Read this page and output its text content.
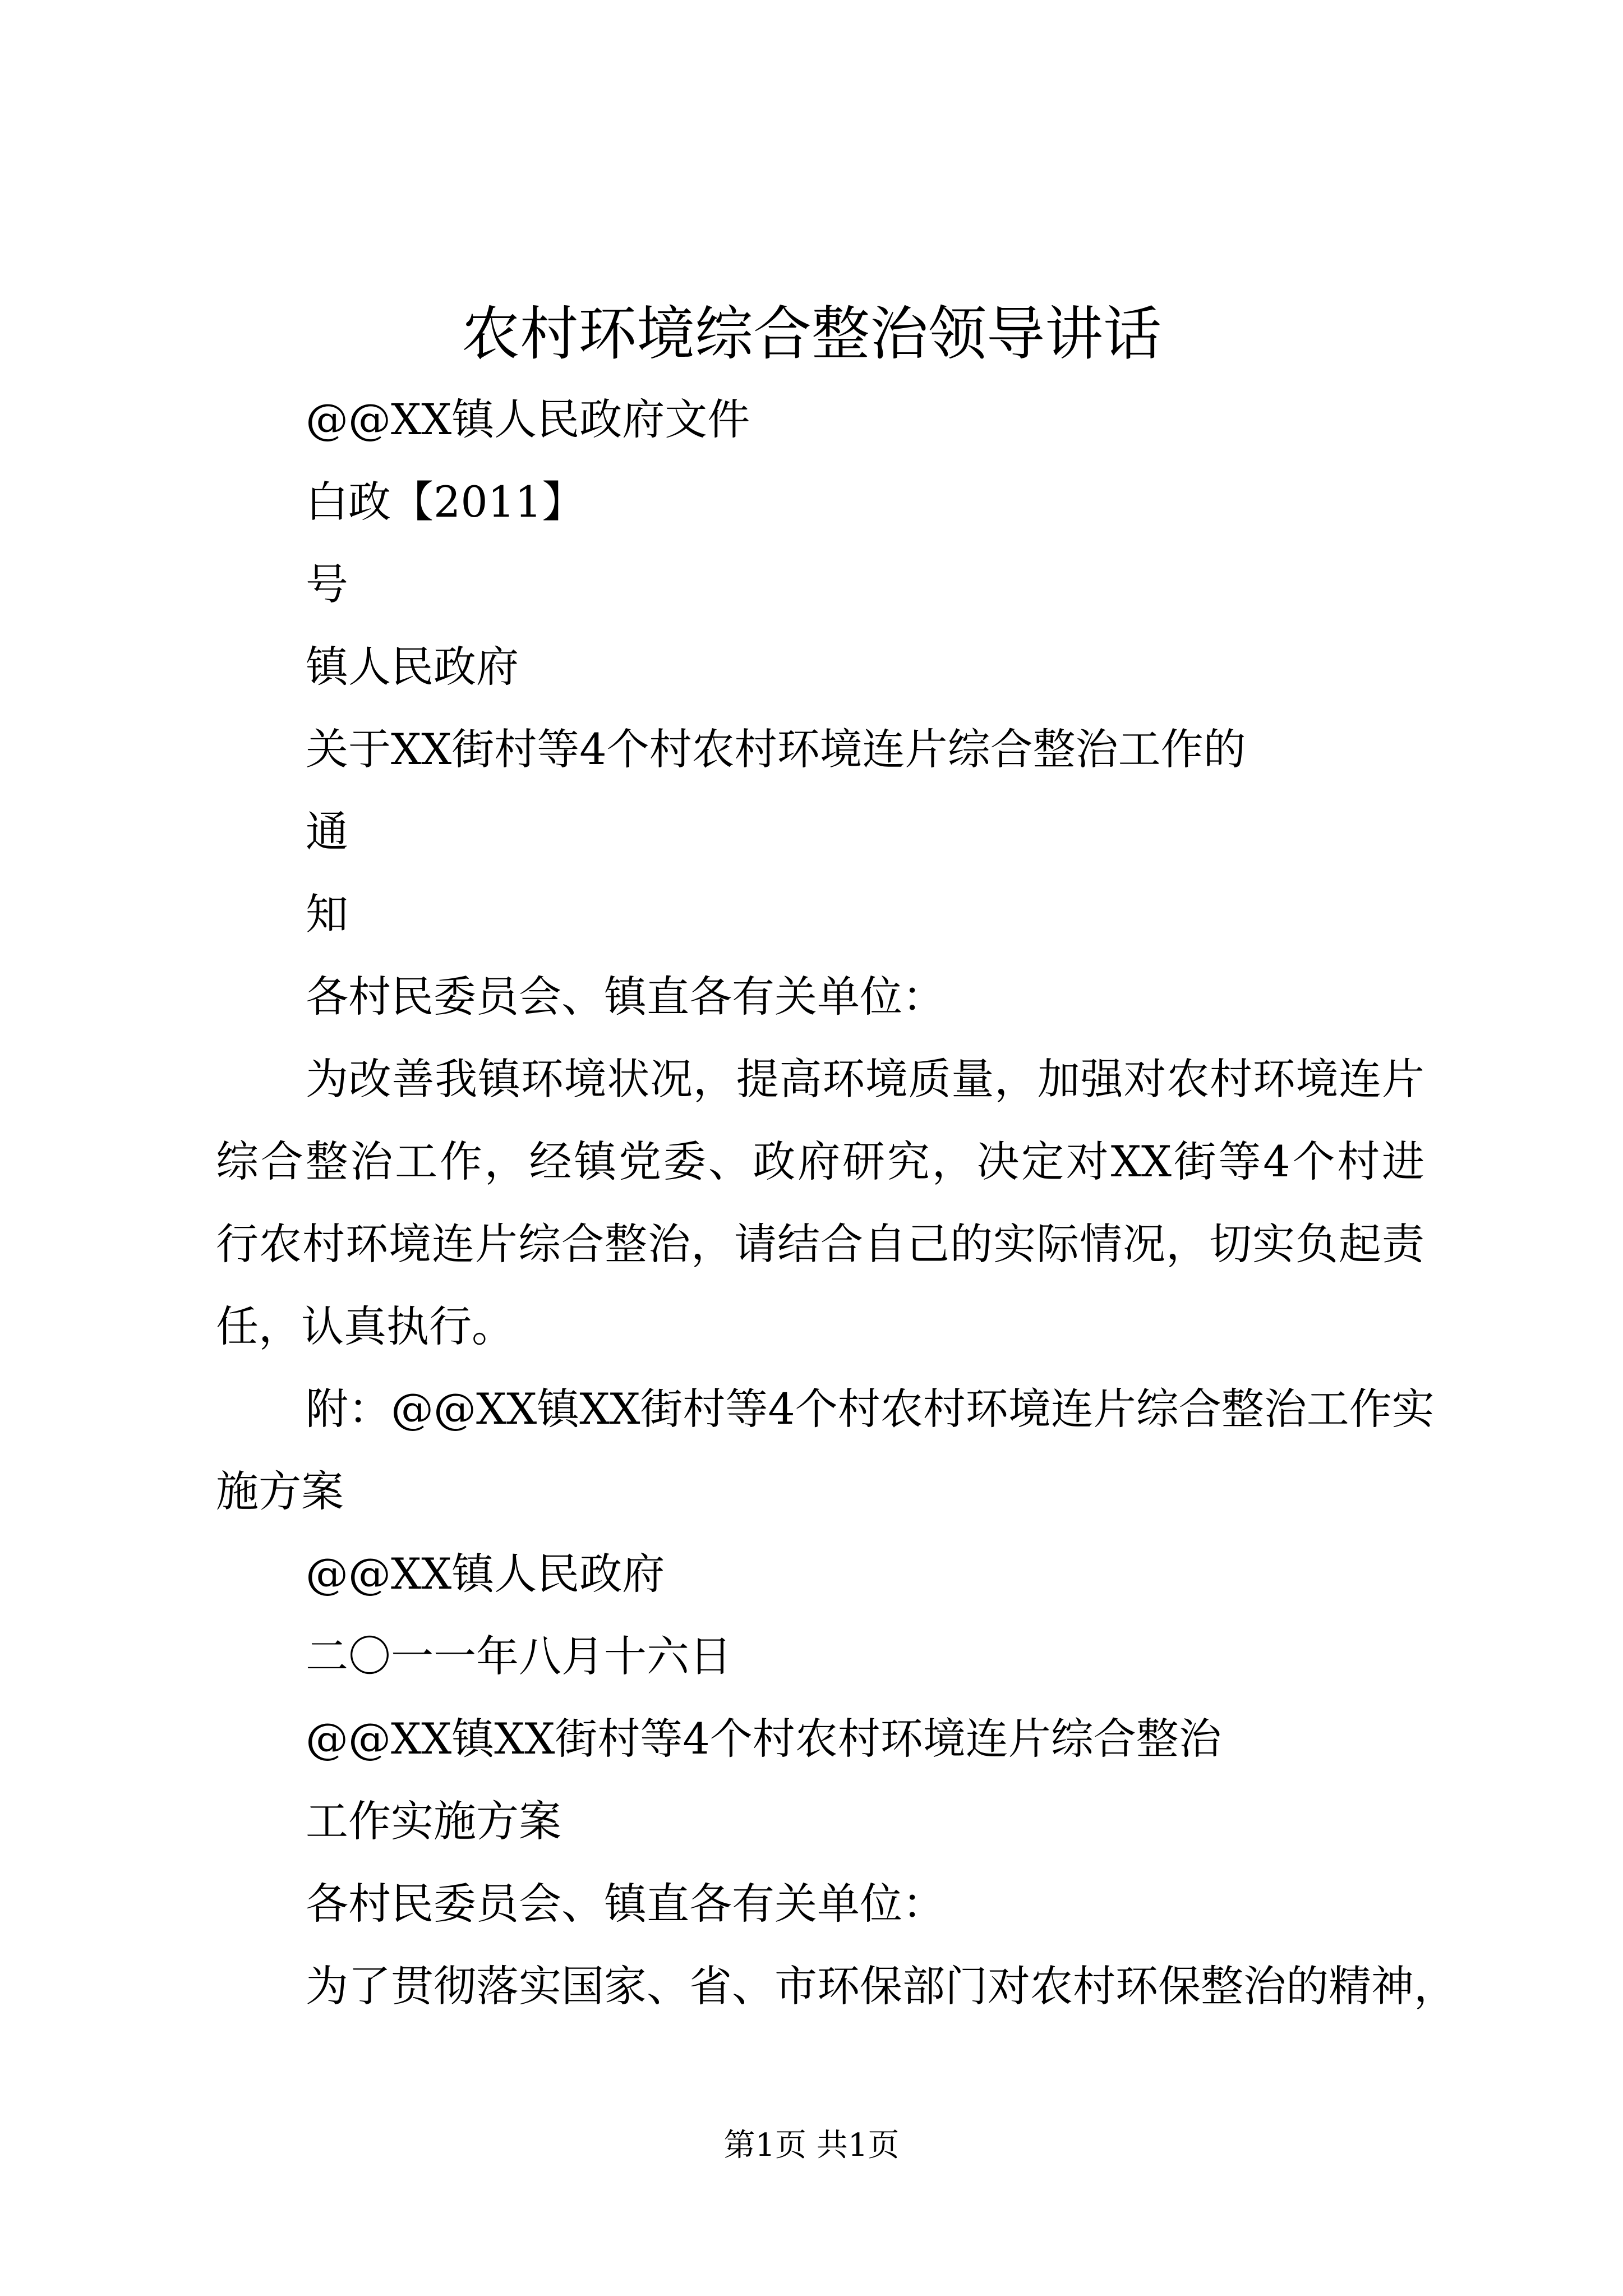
农村环境综合整治领导讲话
@@XX镇人民政府文件
白政【2011】
号
镇人民政府
关于XX街村等4个村农村环境连片综合整治工作的
通
知
各村民委员会、镇直各有关单位：
为改善我镇环境状况，提高环境质量，加强对农村环境连片
综合整治工作，经镇党委、政府研究，决定对XX街等4个村进
行农村环境连片综合整治，请结合自己的实际情况，切实负起责
任，认真执行。
附：@@XX镇XX街村等4个村农村环境连片综合整治工作实
施方案
@@XX镇人民政府
二〇一一年八月十六日
@@XX镇XX街村等4个村农村环境连片综合整治
工作实施方案
各村民委员会、镇直各有关单位：
为了贯彻落实国家、省、市环保部门对农村环保整治的精神，
第1页 共1页
